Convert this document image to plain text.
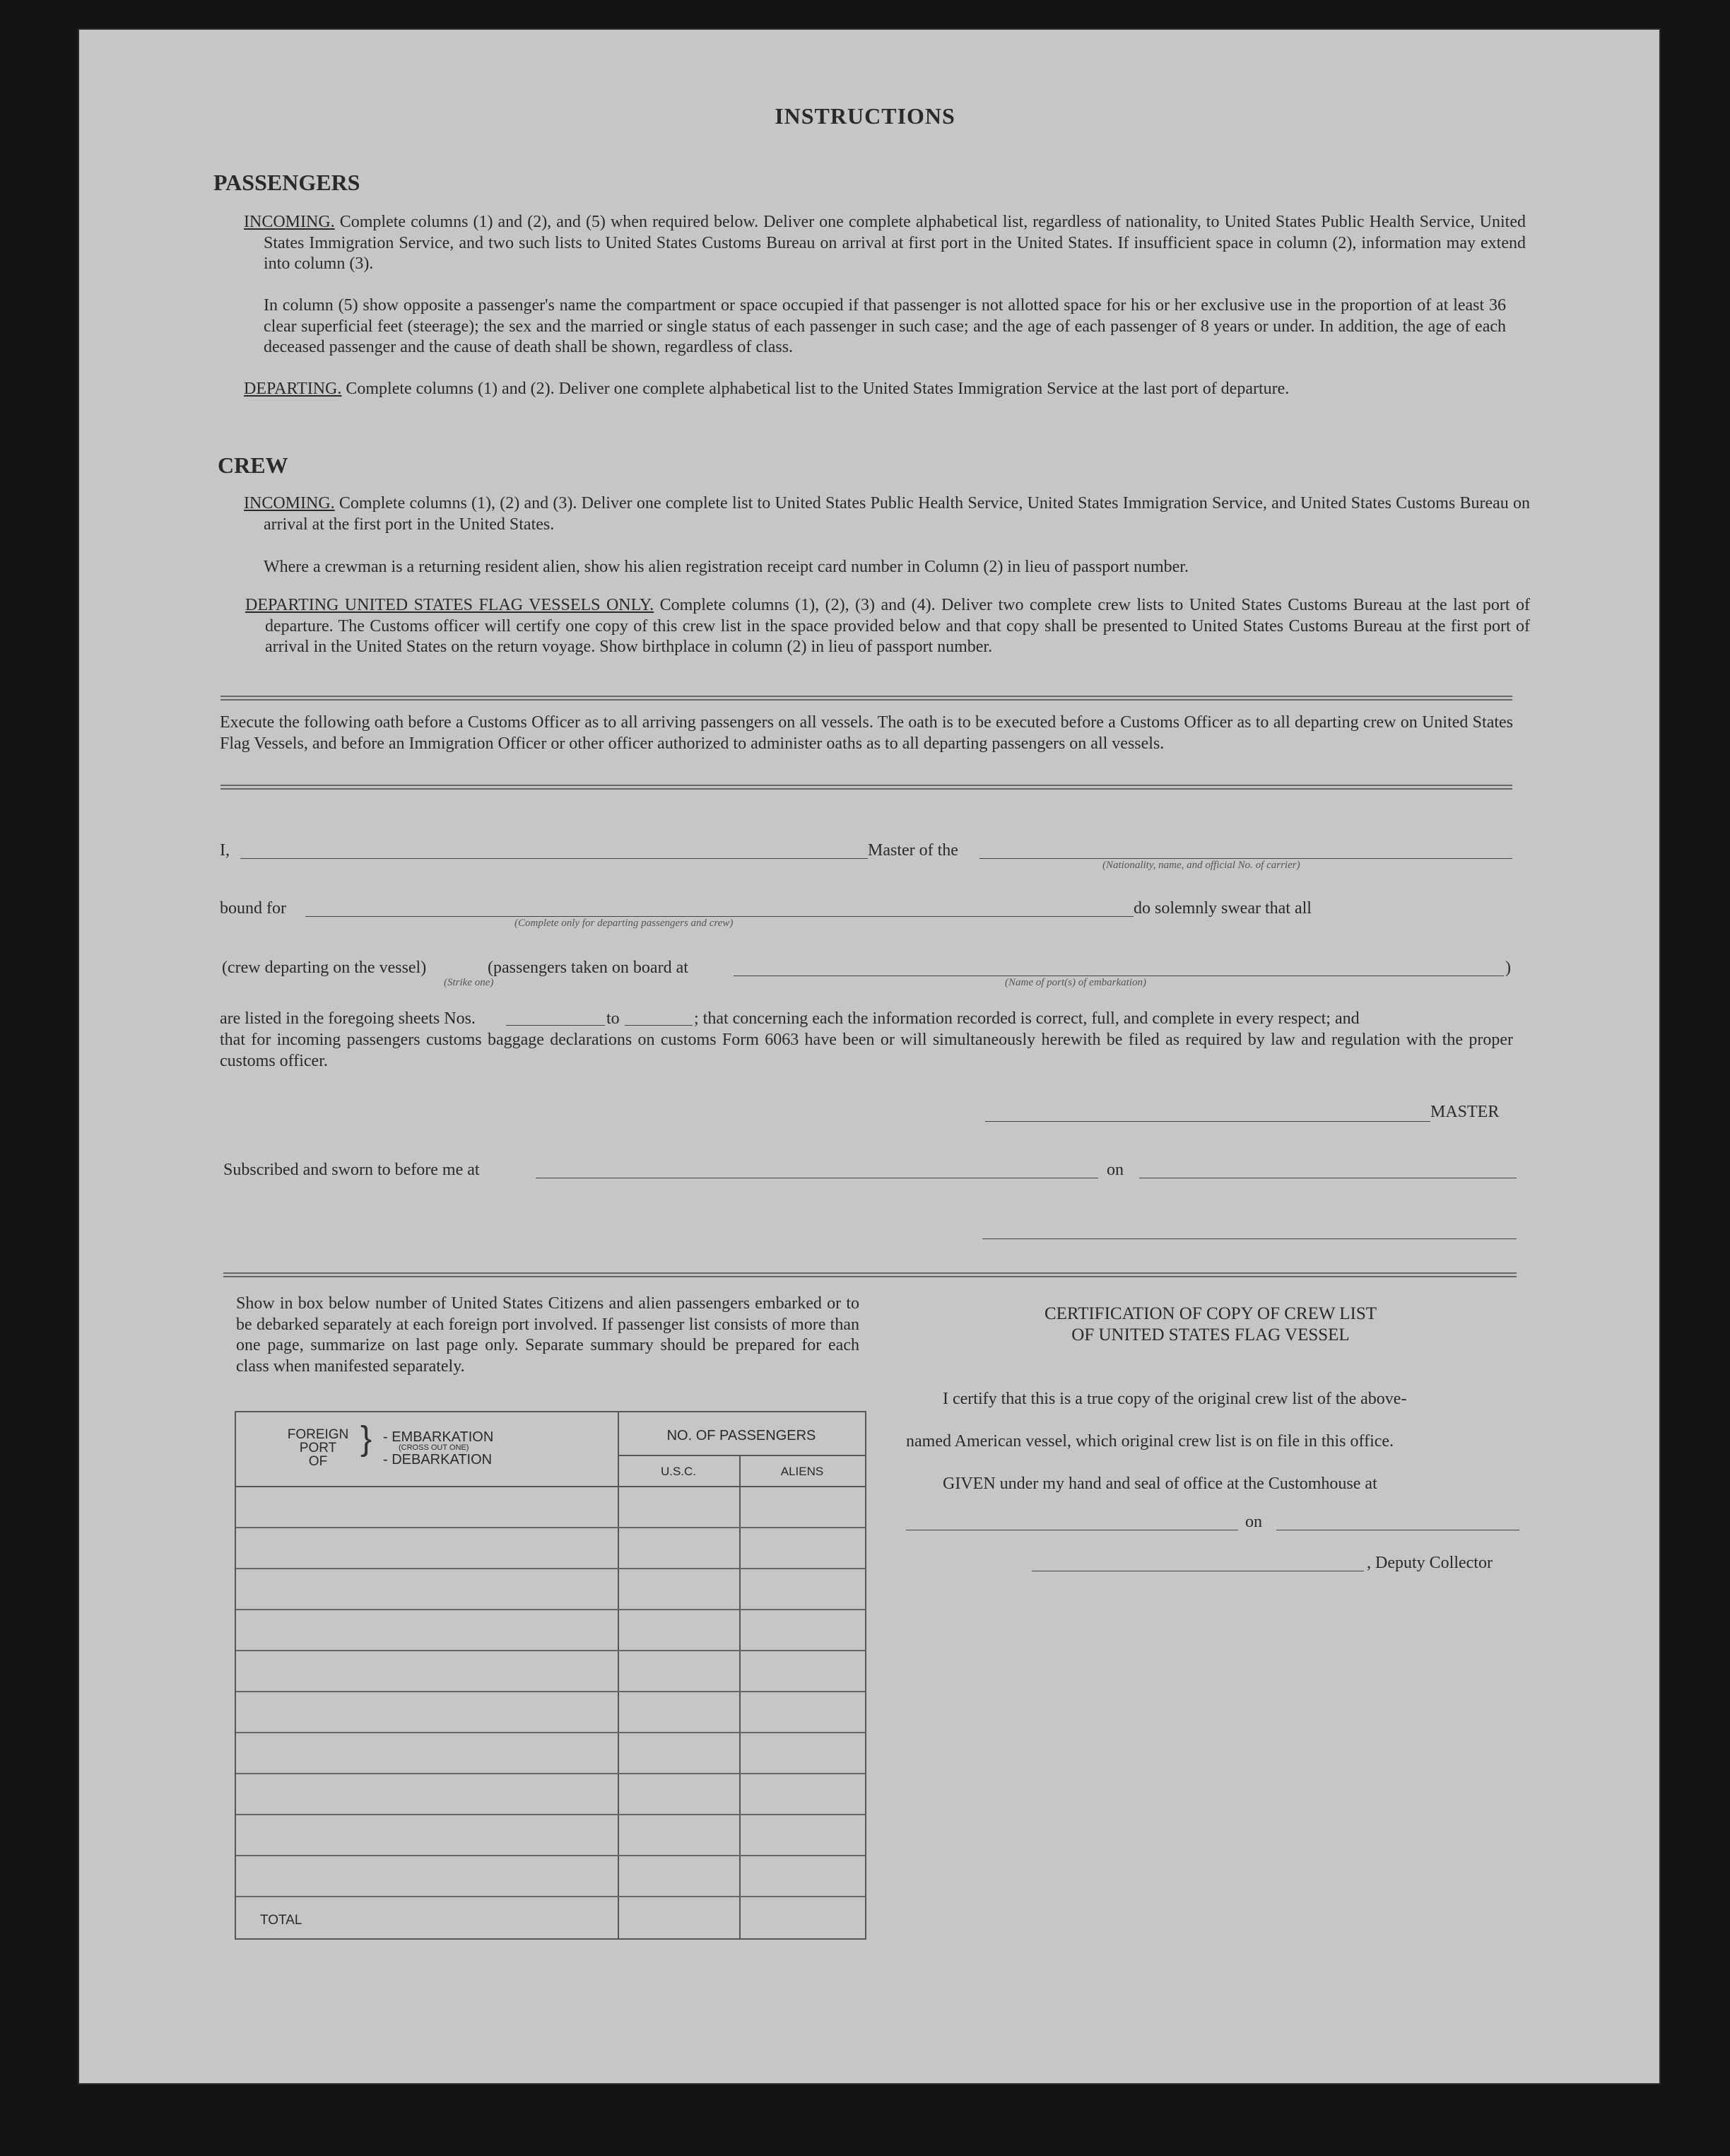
INSTRUCTIONS
PASSENGERS
INCOMING. Complete columns (1) and (2), and (5) when required below. Deliver one complete alphabetical list, regardless of nationality, to United States Public Health Service, United States Immigration Service, and two such lists to United States Customs Bureau on arrival at first port in the United States. If insufficient space in column (2), information may extend into column (3).
In column (5) show opposite a passenger's name the compartment or space occupied if that passenger is not allotted space for his or her exclusive use in the proportion of at least 36 clear superficial feet (steerage); the sex and the married or single status of each passenger in such case; and the age of each passenger of 8 years or under. In addition, the age of each deceased passenger and the cause of death shall be shown, regardless of class.
DEPARTING. Complete columns (1) and (2). Deliver one complete alphabetical list to the United States Immigration Service at the last port of departure.
CREW
INCOMING. Complete columns (1), (2) and (3). Deliver one complete list to United States Public Health Service, United States Immigration Service, and United States Customs Bureau on arrival at the first port in the United States.
Where a crewman is a returning resident alien, show his alien registration receipt card number in Column (2) in lieu of passport number.
DEPARTING UNITED STATES FLAG VESSELS ONLY. Complete columns (1), (2), (3) and (4). Deliver two complete crew lists to United States Customs Bureau at the last port of departure. The Customs officer will certify one copy of this crew list in the space provided below and that copy shall be presented to United States Customs Bureau at the first port of arrival in the United States on the return voyage. Show birthplace in column (2) in lieu of passport number.
Execute the following oath before a Customs Officer as to all arriving passengers on all vessels. The oath is to be executed before a Customs Officer as to all departing crew on United States Flag Vessels, and before an Immigration Officer or other officer authorized to administer oaths as to all departing passengers on all vessels.
I,	Master of the
(Nationality, name, and official No. of carrier)
bound for
(Complete only for departing passengers and crew)
do solemnly swear that all
(crew departing on the vessel)
(Strike one)
(passengers taken on board at
(Name of port(s) of embarkation)
)
are listed in the foregoing sheets Nos.	to	; that concerning each the information recorded is correct, full, and complete in every respect; and
that for incoming passengers customs baggage declarations on customs Form 6063 have been or will simultaneously herewith be filed as required by law and regulation with the proper customs officer.
MASTER
Subscribed and sworn to before me at	on
Show in box below number of United States Citizens and alien passengers embarked or to be debarked separately at each foreign port involved. If passenger list consists of more than one page, summarize on last page only. Separate summary should be prepared for each class when manifested separately.
FOREIGN
PORT
OF
} - EMBARKATION
(CROSS OUT ONE)
- DEBARKATION
NO. OF PASSENGERS
U.S.C.	ALIENS
TOTAL
CERTIFICATION OF COPY OF CREW LIST
OF UNITED STATES FLAG VESSEL
I certify that this is a true copy of the original crew list of the above-
named American vessel, which original crew list is on file in this office.
GIVEN under my hand and seal of office at the Customhouse at
on
, Deputy Collector
